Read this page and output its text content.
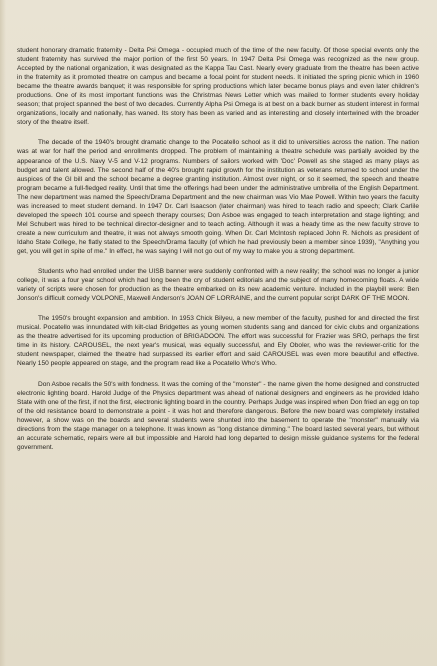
student honorary dramatic fraternity - Delta Psi Omega - occupied much of the time of the new faculty. Of those special events only the student fraternity has survived the major portion of the first 50 years. In 1947 Delta Psi Omega was recognized as the new group. Accepted by the national organization, it was designated as the Kappa Tau Cast. Nearly every graduate from the theatre has been active in the fraternity as it promoted theatre on campus and became a focal point for student needs. It initiated the spring picnic which in 1960 became the theatre awards banquet; it was responsible for spring productions which later became bonus plays and even later children's productions. One of its most important functions was the Christmas News Letter which was mailed to former students every holiday season; that project spanned the best of two decades. Currently Alpha Psi Omega is at best on a back burner as student interest in formal organizations, locally and nationally, has waned. Its story has been as varied and as interesting and closely intertwined with the broader story of the theatre itself.

The decade of the 1940's brought dramatic change to the Pocatello school as it did to universities across the nation. The nation was at war for half the period and enrollments dropped. The problem of maintaining a theatre schedule was partially avoided by the appearance of the U.S. Navy V-5 and V-12 programs. Numbers of sailors worked with 'Doc' Powell as she staged as many plays as budget and talent allowed. The second half of the 40's brought rapid growth for the institution as veterans returned to school under the auspices of the GI bill and the school became a degree granting institution. Almost over night, or so it seemed, the speech and theatre program became a full-fledged reality. Until that time the offerings had been under the administrative umbrella of the English Department. The new department was named the Speech/Drama Department and the new chairman was Vio Mae Powell. Within two years the faculty was increased to meet student demand. In 1947 Dr. Carl Isaacson (later chairman) was hired to teach radio and speech; Clark Carlile developed the speech 101 course and speech therapy courses; Don Asboe was engaged to teach interpretation and stage lighting; and Mel Schubert was hired to be technical director-designer and to teach acting. Although it was a heady time as the new faculty strove to create a new curriculum and theatre, it was not always smooth going. When Dr. Carl McIntosh replaced John R. Nichols as president of Idaho State College, he flatly stated to the Speech/Drama faculty (of which he had previously been a member since 1939), "Anything you get, you will get in spite of me." In effect, he was saying I will not go out of my way to make you a strong department.

Students who had enrolled under the UISB banner were suddenly confronted with a new reality; the school was no longer a junior college, it was a four year school which had long been the cry of student editorials and the subject of many homecoming floats. A wide variety of scripts were chosen for production as the theatre embarked on its new academic venture. Included in the playbill were: Ben Jonson's difficult comedy VOLPONE, Maxwell Anderson's JOAN OF LORRAINE, and the current popular script DARK OF THE MOON.

The 1950's brought expansion and ambition. In 1953 Chick Bilyeu, a new member of the faculty, pushed for and directed the first musical. Pocatello was innundated with kilt-clad Bridgettes as young women students sang and danced for civic clubs and organizations as the theatre advertised for its upcoming production of BRIGADOON. The effort was successful for Frazier was SRO, perhaps the first time in its history. CAROUSEL, the next year's musical, was equally successful, and Ely Oboler, who was the reviewer-critic for the student newspaper, claimed the theatre had surpassed its earlier effort and said CAROUSEL was even more beautiful and effective. Nearly 150 people appeared on stage, and the program read like a Pocatello Who's Who.

Don Asboe recalls the 50's with fondness. It was the coming of the "monster" - the name given the home designed and constructed electronic lighting board. Harold Judge of the Physics department was ahead of national designers and engineers as he provided Idaho State with one of the first, if not the first, electronic lighting board in the country. Perhaps Judge was inspired when Don fried an egg on top of the old resistance board to demonstrate a point - it was hot and therefore dangerous. Before the new board was completely installed however, a show was on the boards and several students were shunted into the basement to operate the "monster" manually via directions from the stage manager on a telephone. It was known as "long distance dimming." The board lasted several years, but without an accurate schematic, repairs were all but impossible and Harold had long departed to design missle guidance systems for the federal government.
